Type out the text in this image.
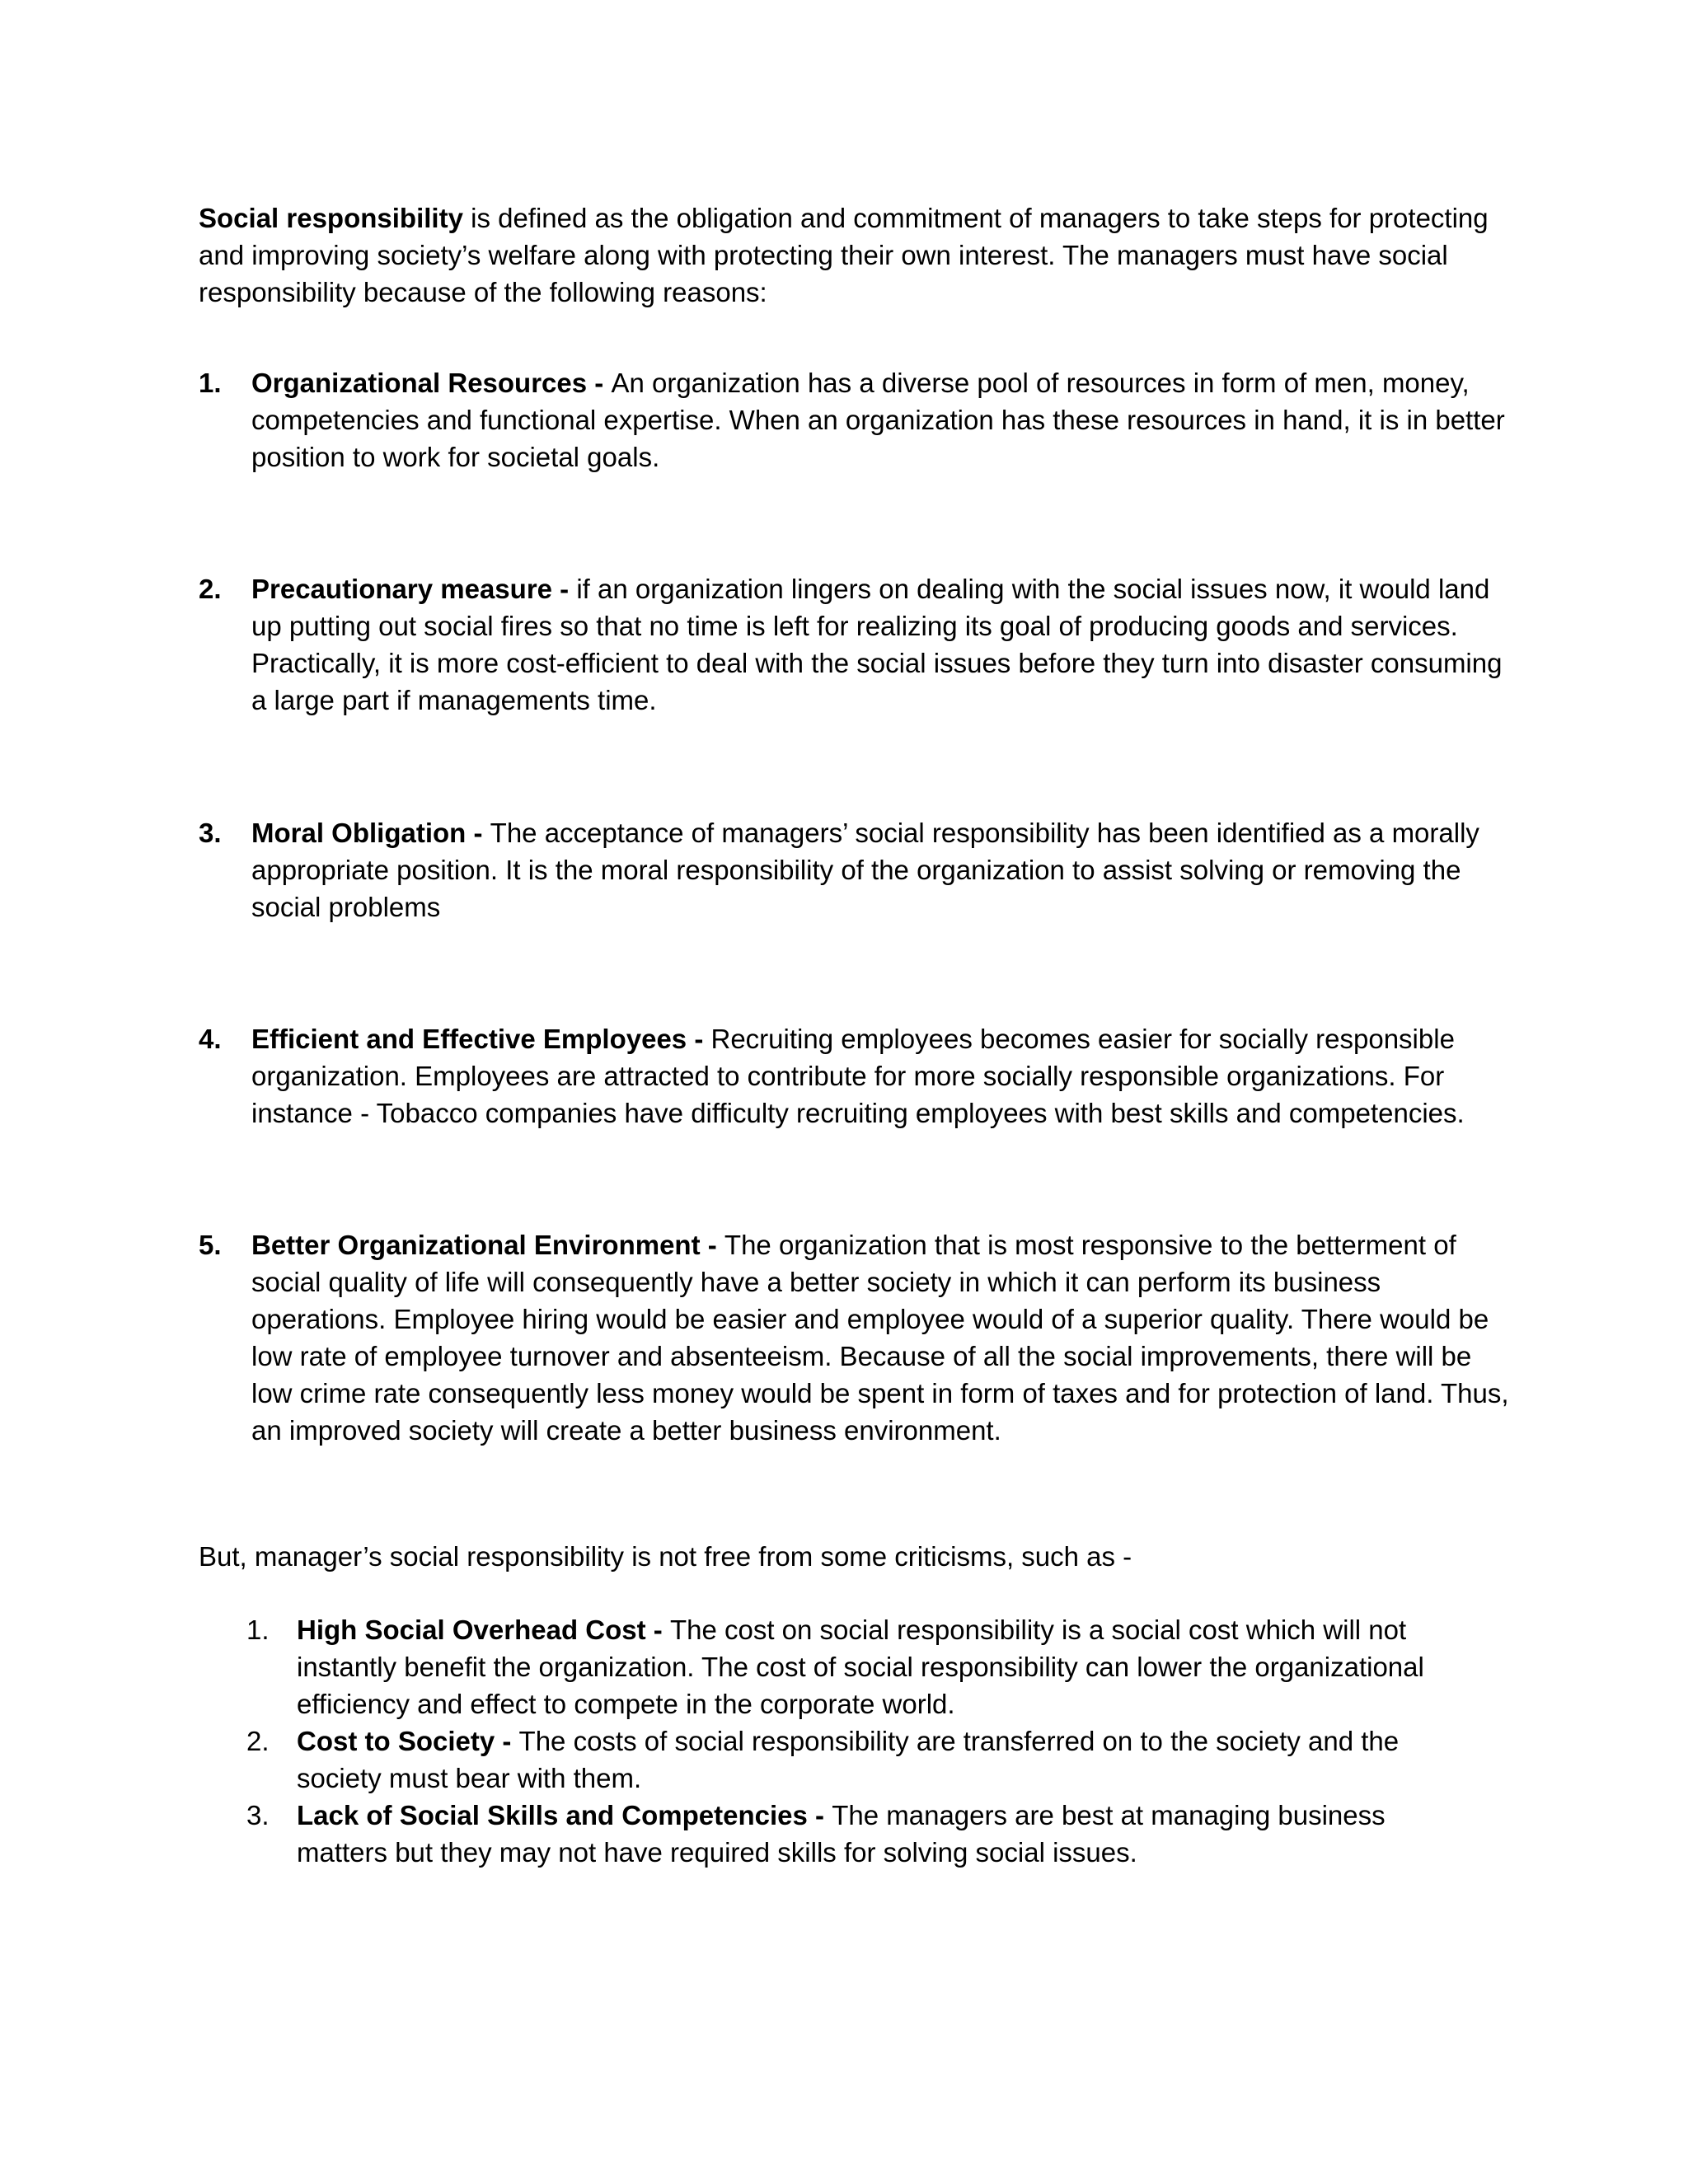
Social responsibility is defined as the obligation and commitment of managers to take steps for protecting and improving society’s welfare along with protecting their own interest. The managers must have social responsibility because of the following reasons:

1. Organizational Resources - An organization has a diverse pool of resources in form of men, money, competencies and functional expertise. When an organization has these resources in hand, it is in better position to work for societal goals.

2. Precautionary measure - if an organization lingers on dealing with the social issues now, it would land up putting out social fires so that no time is left for realizing its goal of producing goods and services. Practically, it is more cost-efficient to deal with the social issues before they turn into disaster consuming a large part if managements time.

3. Moral Obligation - The acceptance of managers’ social responsibility has been identified as a morally appropriate position. It is the moral responsibility of the organization to assist solving or removing the social problems

4. Efficient and Effective Employees - Recruiting employees becomes easier for socially responsible organization. Employees are attracted to contribute for more socially responsible organizations. For instance - Tobacco companies have difficulty recruiting employees with best skills and competencies.

5. Better Organizational Environment - The organization that is most responsive to the betterment of social quality of life will consequently have a better society in which it can perform its business operations. Employee hiring would be easier and employee would of a superior quality. There would be low rate of employee turnover and absenteeism. Because of all the social improvements, there will be low crime rate consequently less money would be spent in form of taxes and for protection of land. Thus, an improved society will create a better business environment.

But, manager’s social responsibility is not free from some criticisms, such as -

1. High Social Overhead Cost - The cost on social responsibility is a social cost which will not instantly benefit the organization. The cost of social responsibility can lower the organizational efficiency and effect to compete in the corporate world.

2. Cost to Society - The costs of social responsibility are transferred on to the society and the society must bear with them.

3. Lack of Social Skills and Competencies - The managers are best at managing business matters but they may not have required skills for solving social issues.
